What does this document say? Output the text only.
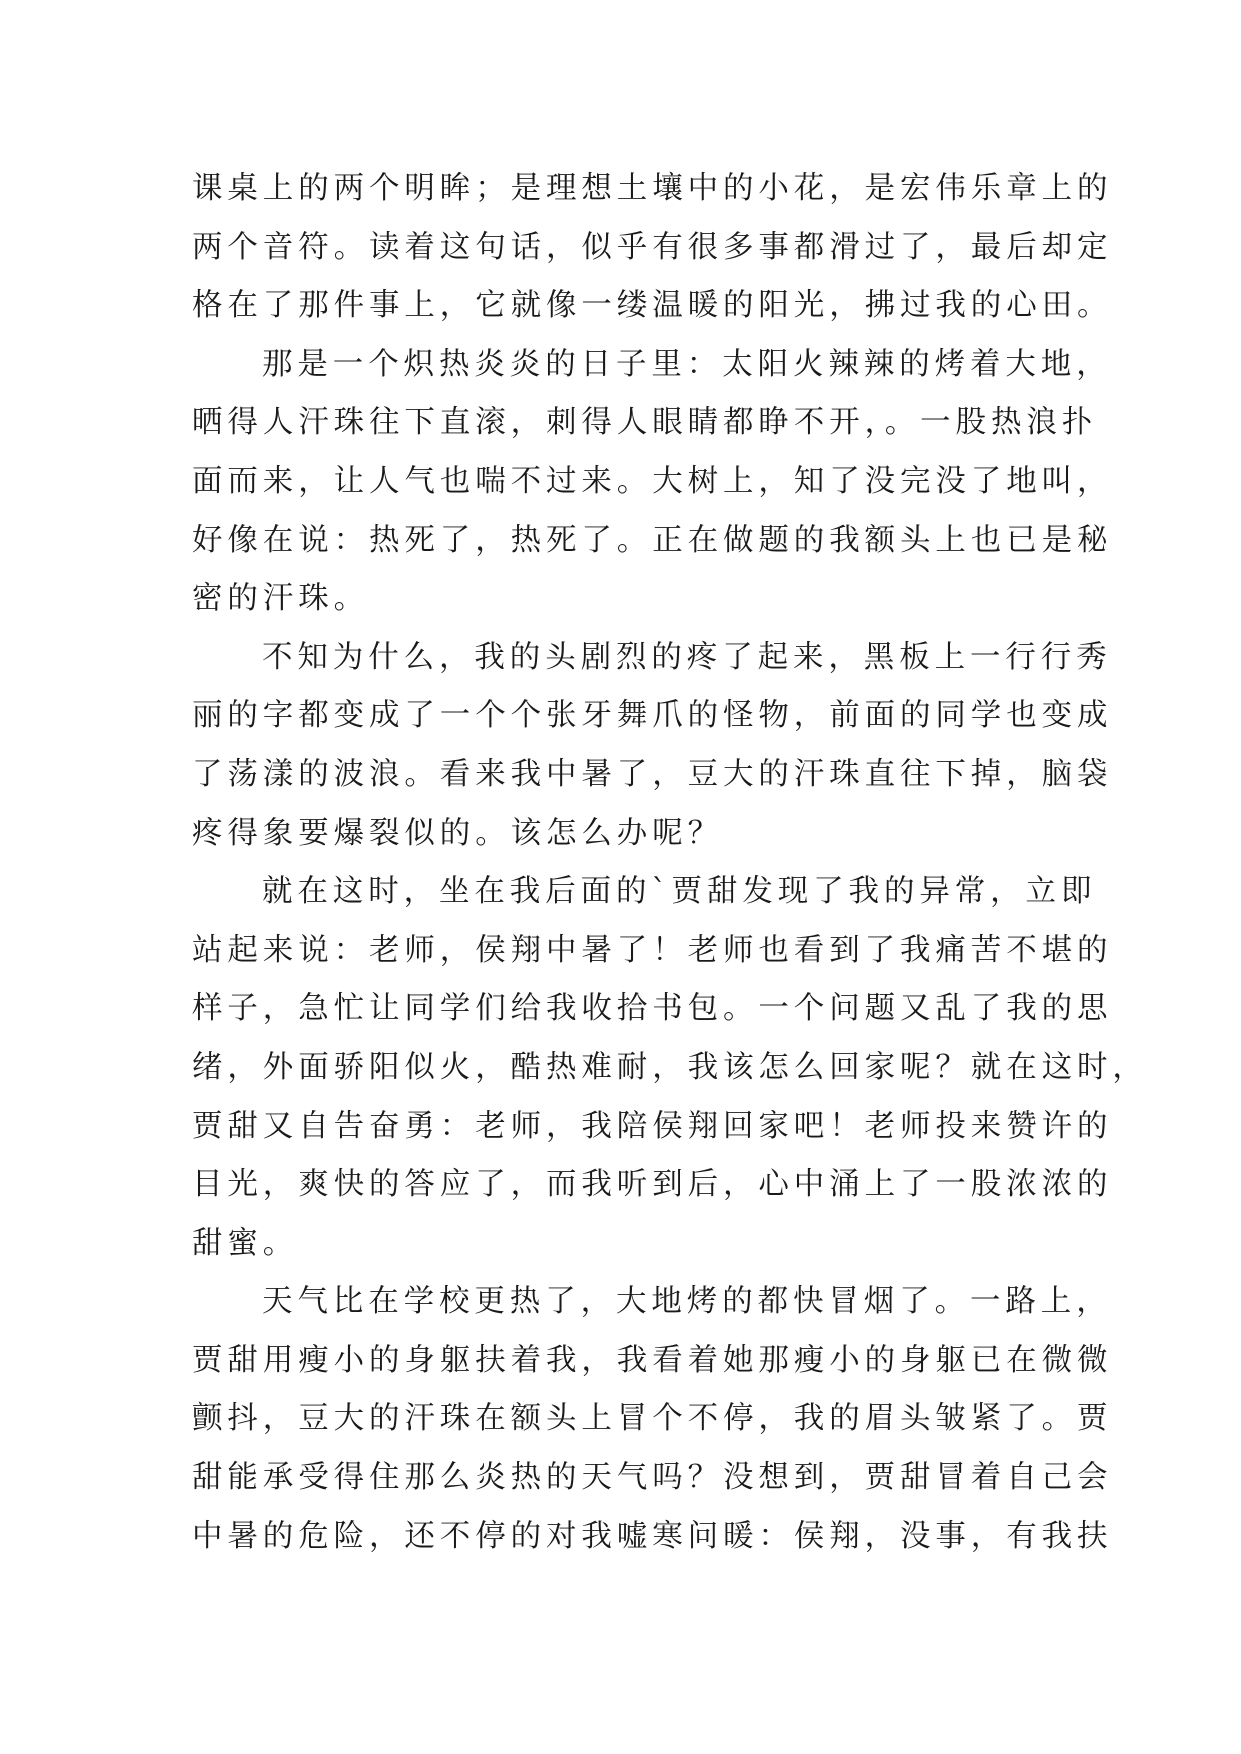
课桌上的两个明眸；是理想土壤中的小花，是宏伟乐章上的
两个音符。读着这句话，似乎有很多事都滑过了，最后却定
格在了那件事上，它就像一缕温暖的阳光，拂过我的心田。
那是一个炽热炎炎的日子里：太阳火辣辣的烤着大地，
晒得人汗珠往下直滚，刺得人眼睛都睁不开，。一股热浪扑
面而来，让人气也喘不过来。大树上，知了没完没了地叫，
好像在说：热死了，热死了。正在做题的我额头上也已是秘
密的汗珠。
不知为什么，我的头剧烈的疼了起来，黑板上一行行秀
丽的字都变成了一个个张牙舞爪的怪物，前面的同学也变成
了荡漾的波浪。看来我中暑了，豆大的汗珠直往下掉，脑袋
疼得象要爆裂似的。该怎么办呢？
就在这时，坐在我后面的`贾甜发现了我的异常，立即
站起来说：老师，侯翔中暑了！老师也看到了我痛苦不堪的
样子，急忙让同学们给我收拾书包。一个问题又乱了我的思
绪，外面骄阳似火，酷热难耐，我该怎么回家呢？就在这时，
贾甜又自告奋勇：老师，我陪侯翔回家吧！老师投来赞许的
目光，爽快的答应了，而我听到后，心中涌上了一股浓浓的
甜蜜。
天气比在学校更热了，大地烤的都快冒烟了。一路上，
贾甜用瘦小的身躯扶着我，我看着她那瘦小的身躯已在微微
颤抖，豆大的汗珠在额头上冒个不停，我的眉头皱紧了。贾
甜能承受得住那么炎热的天气吗？没想到，贾甜冒着自己会
中暑的危险，还不停的对我嘘寒问暖：侯翔，没事，有我扶
